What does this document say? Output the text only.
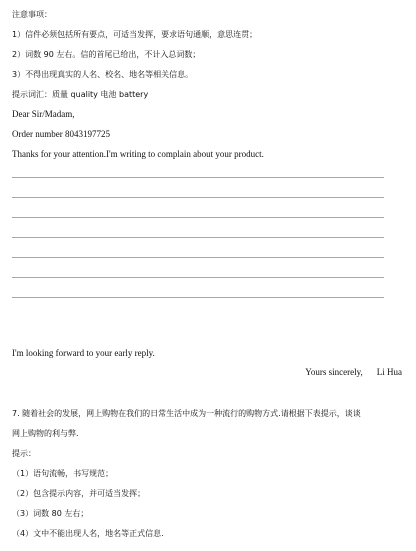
注意事项：
1）信件必须包括所有要点，可适当发挥，要求语句通顺，意思连贯；
2）词数 90 左右。信的首尾已给出，不计入总词数；
3）不得出现真实的人名、校名、地名等相关信息。
提示词汇：质量 quality 电池 battery
Dear Sir/Madam,
Order number 8043197725
Thanks for your attention.I'm writing to complain about your product.
I'm looking forward to your early reply.
Yours sincerely, Li Hua
7. 随着社会的发展，网上购物在我们的日常生活中成为一种流行的购物方式.请根据下表提示，谈谈
网上购物的利与弊.
提示：
（1）语句流畅，书写规范；
（2）包含提示内容，并可适当发挥；
（3）词数 80 左右；
（4）文中不能出现人名，地名等正式信息.
